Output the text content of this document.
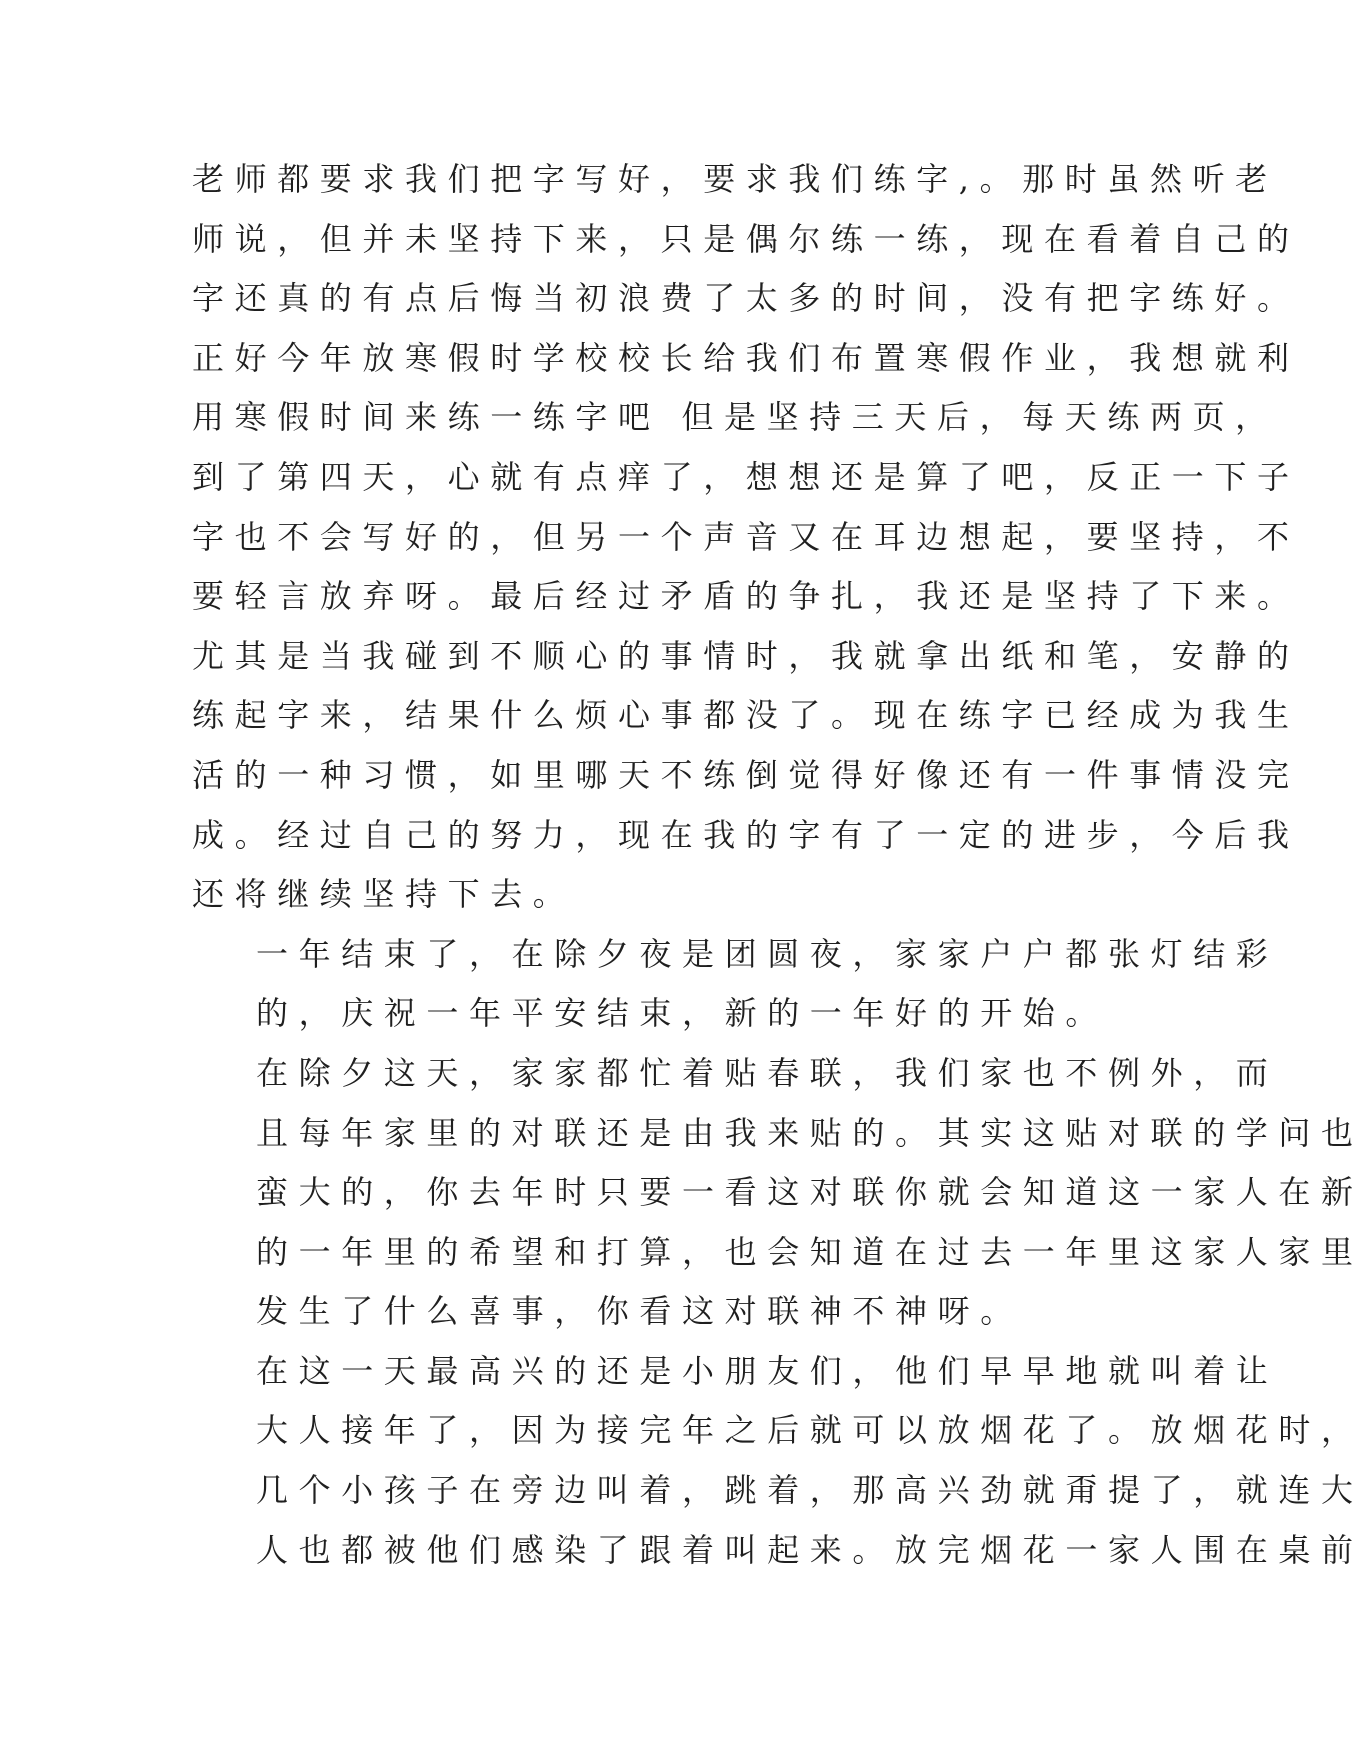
老师都要求我们把字写好，要求我们练字,。那时虽然听老
师说，但并未坚持下来，只是偶尔练一练，现在看着自己的
字还真的有点后悔当初浪费了太多的时间，没有把字练好。
正好今年放寒假时学校校长给我们布置寒假作业，我想就利
用寒假时间来练一练字吧 但是坚持三天后，每天练两页，
到了第四天，心就有点痒了，想想还是算了吧，反正一下子
字也不会写好的，但另一个声音又在耳边想起，要坚持，不
要轻言放弃呀。最后经过矛盾的争扎，我还是坚持了下来。
尤其是当我碰到不顺心的事情时，我就拿出纸和笔，安静的
练起字来，结果什么烦心事都没了。现在练字已经成为我生
活的一种习惯，如里哪天不练倒觉得好像还有一件事情没完
成。经过自己的努力，现在我的字有了一定的进步，今后我
还将继续坚持下去。

一年结束了，在除夕夜是团圆夜，家家户户都张灯结彩
的，庆祝一年平安结束，新的一年好的开始。

在除夕这天，家家都忙着贴春联，我们家也不例外，而
且每年家里的对联还是由我来贴的。其实这贴对联的学问也
蛮大的，你去年时只要一看这对联你就会知道这一家人在新
的一年里的希望和打算，也会知道在过去一年里这家人家里
发生了什么喜事，你看这对联神不神呀。

在这一天最高兴的还是小朋友们，他们早早地就叫着让
大人接年了，因为接完年之后就可以放烟花了。放烟花时，
几个小孩子在旁边叫着，跳着，那高兴劲就甭提了，就连大
人也都被他们感染了跟着叫起来。放完烟花一家人围在桌前
